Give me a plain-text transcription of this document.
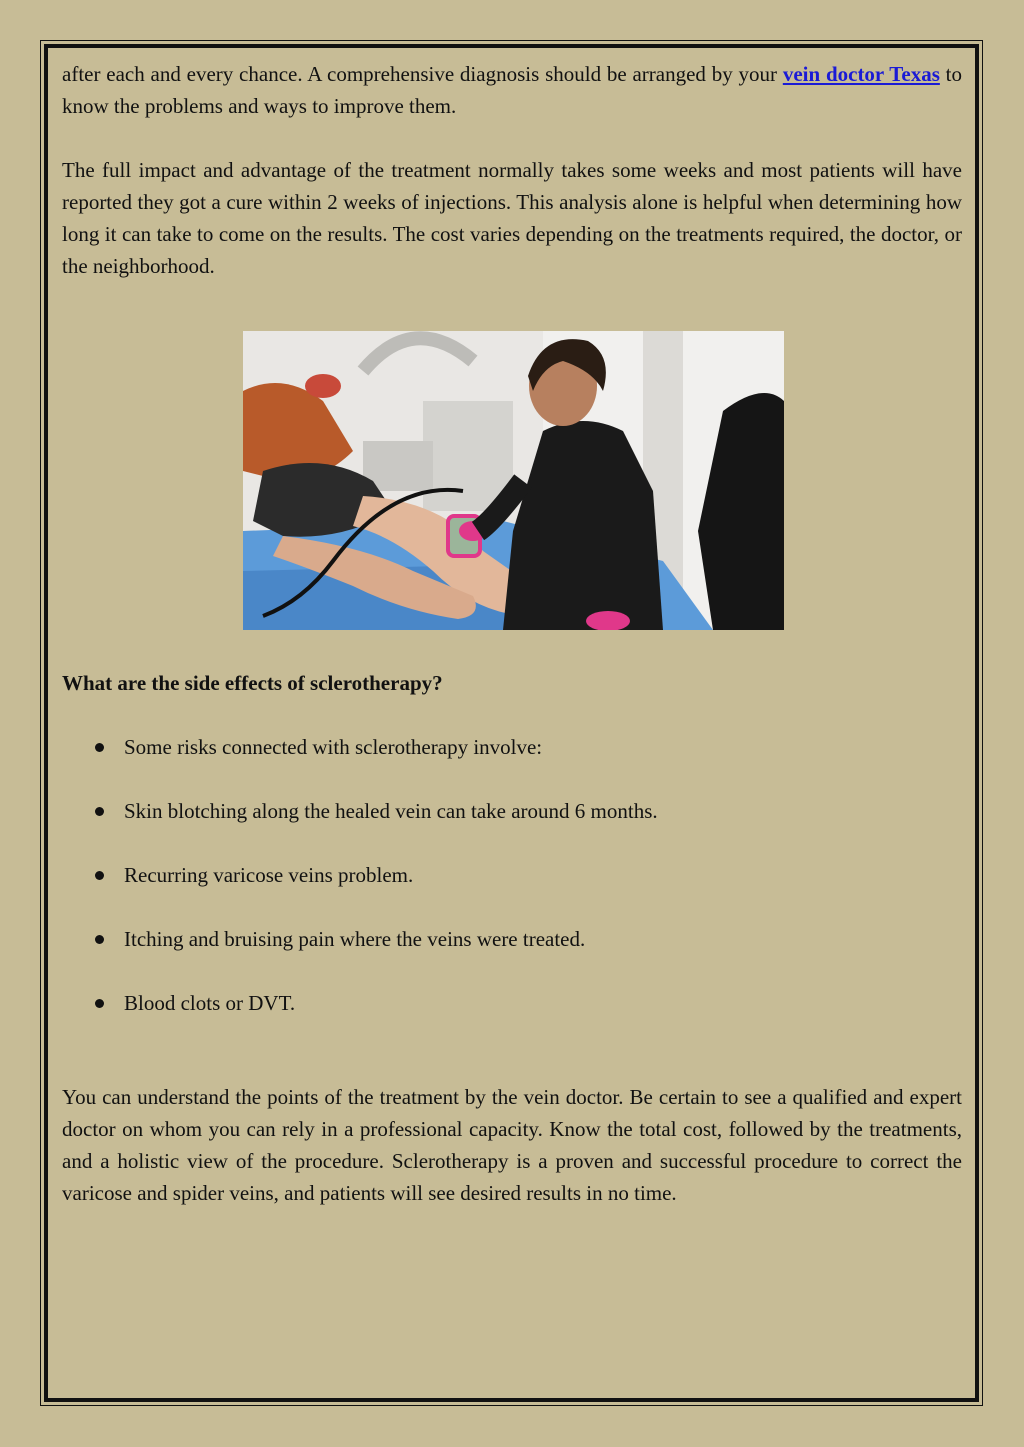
after each and every chance. A comprehensive diagnosis should be arranged by your vein doctor Texas to know the problems and ways to improve them.

The full impact and advantage of the treatment normally takes some weeks and most patients will have reported they got a cure within 2 weeks of injections. This analysis alone is helpful when determining how long it can take to come on the results. The cost varies depending on the treatments required, the doctor, or the neighborhood.

What are the side effects of sclerotherapy?
Some risks connected with sclerotherapy involve:
Skin blotching along the healed vein can take around 6 months.
Recurring varicose veins problem.
Itching and bruising pain where the veins were treated.
Blood clots or DVT.

You can understand the points of the treatment by the vein doctor. Be certain to see a qualified and expert doctor on whom you can rely in a professional capacity. Know the total cost, followed by the treatments, and a holistic view of the procedure. Sclerotherapy is a proven and successful procedure to correct the varicose and spider veins, and patients will see desired results in no time.
